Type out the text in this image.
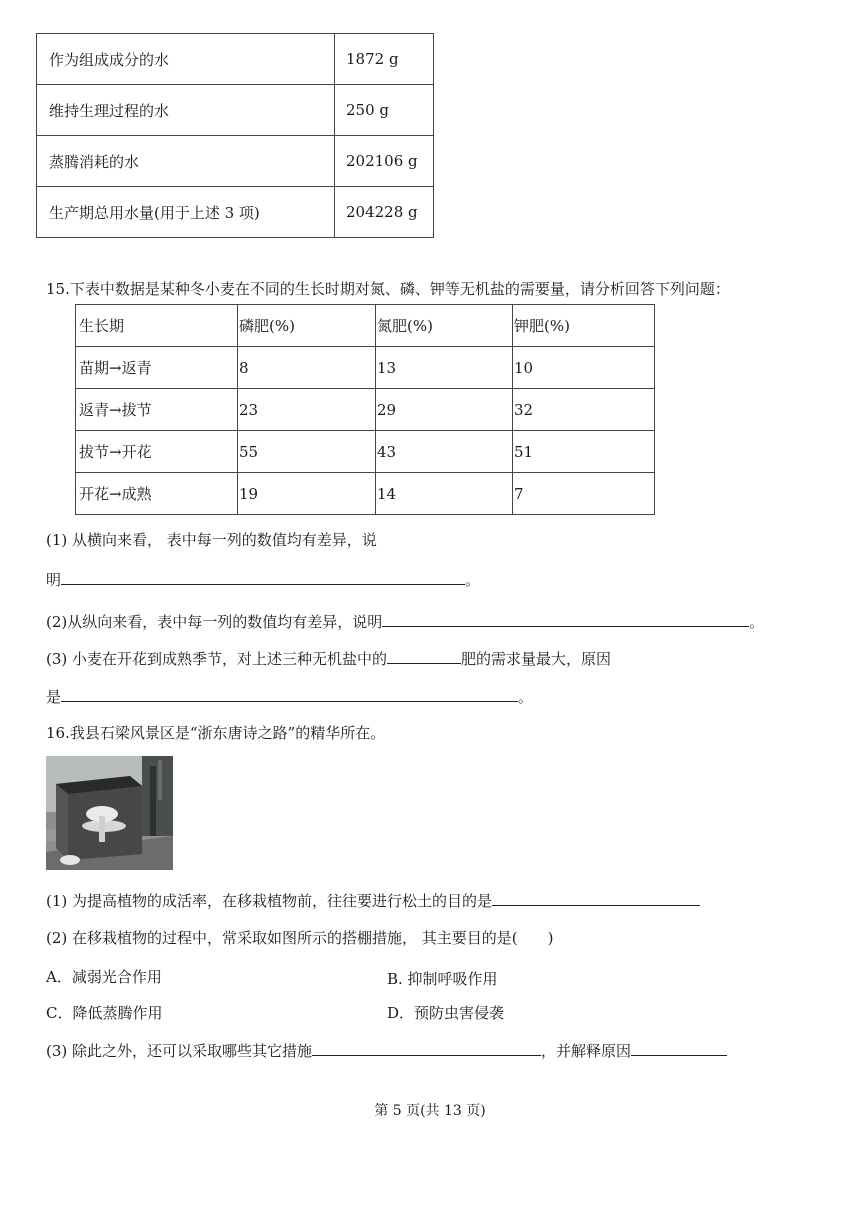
作为组成成分的水	1872 g
维持生理过程的水	250 g
蒸腾消耗的水	202106 g
生产期总用水量(用于上述 3 项)	204228 g
15.下表中数据是某种冬小麦在不同的生长时期对氮、磷、钾等无机盐的需要量，请分析回答下列问题：
生长期	磷肥(%)	氮肥(%)	钾肥(%)
苗期→返青	8	13	10
返青→拔节	23	29	32
拔节→开花	55	43	51
开花→成熟	19	14	7
(1) 从横向来看， 表中每一列的数值均有差异，说
明	。
(2)从纵向来看，表中每一列的数值均有差异，说明	。
(3) 小麦在开花到成熟季节，对上述三种无机盐中的	肥的需求量最大，原因
是	。
16.我县石梁风景区是“浙东唐诗之路”的精华所在。
(1) 为提高植物的成活率，在移栽植物前，往往要进行松土的目的是
(2) 在移栽植物的过程中，常采取如图所示的搭棚措施， 其主要目的是(　　)
A．减弱光合作用	B. 抑制呼吸作用
C．降低蒸腾作用	D．预防虫害侵袭
(3) 除此之外，还可以采取哪些其它措施	，并解释原因
第 5 页(共 13 页)
